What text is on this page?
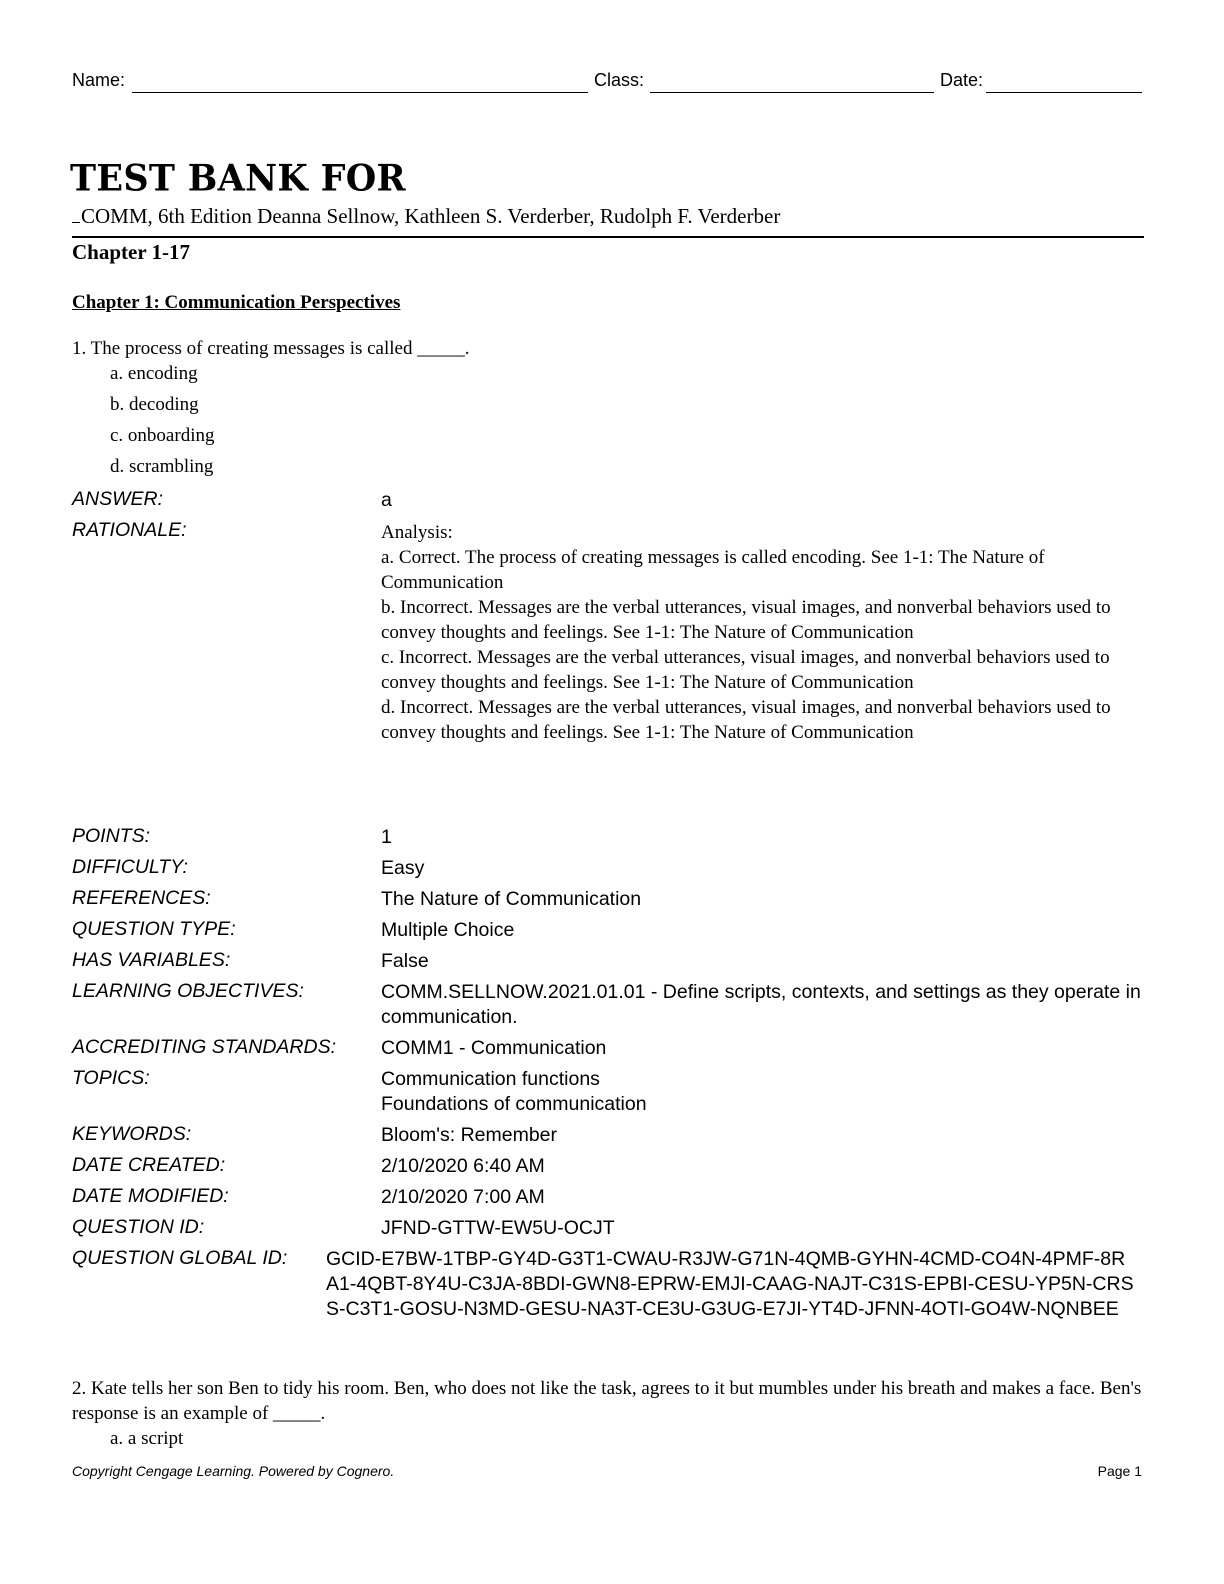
Name:	Class:	Date:
TEST BANK FOR
COMM, 6th Edition Deanna Sellnow, Kathleen S. Verderber, Rudolph F. Verderber
Chapter 1-17
Chapter 1: Communication Perspectives
1. The process of creating messages is called _____.
a. encoding
b. decoding
c. onboarding
d. scrambling
ANSWER:	a
RATIONALE:	Analysis:
a. Correct. The process of creating messages is called encoding. See 1-1: The Nature of Communication
b. Incorrect. Messages are the verbal utterances, visual images, and nonverbal behaviors used to convey thoughts and feelings. See 1-1: The Nature of Communication
c. Incorrect. Messages are the verbal utterances, visual images, and nonverbal behaviors used to convey thoughts and feelings. See 1-1: The Nature of Communication
d. Incorrect. Messages are the verbal utterances, visual images, and nonverbal behaviors used to convey thoughts and feelings. See 1-1: The Nature of Communication
POINTS:	1
DIFFICULTY:	Easy
REFERENCES:	The Nature of Communication
QUESTION TYPE:	Multiple Choice
HAS VARIABLES:	False
LEARNING OBJECTIVES:	COMM.SELLNOW.2021.01.01 - Define scripts, contexts, and settings as they operate in communication.
ACCREDITING STANDARDS: COMM1 - Communication
TOPICS:	Communication functions
Foundations of communication
KEYWORDS:	Bloom's: Remember
DATE CREATED:	2/10/2020 6:40 AM
DATE MODIFIED:	2/10/2020 7:00 AM
QUESTION ID:	JFND-GTTW-EW5U-OCJT
QUESTION GLOBAL ID: GCID-E7BW-1TBP-GY4D-G3T1-CWAU-R3JW-G71N-4QMB-GYHN-4CMD-CO4N-4PMF-8RA1-4QBT-8Y4U-C3JA-8BDI-GWN8-EPRW-EMJI-CAAG-NAJT-C31S-EPBI-CESU-YP5N-CRSS-C3T1-GOSU-N3MD-GESU-NA3T-CE3U-G3UG-E7JI-YT4D-JFNN-4OTI-GO4W-NQNBEE
2. Kate tells her son Ben to tidy his room. Ben, who does not like the task, agrees to it but mumbles under his breath and makes a face. Ben's response is an example of _____.
a. a script
Copyright Cengage Learning. Powered by Cognero.	Page 1
